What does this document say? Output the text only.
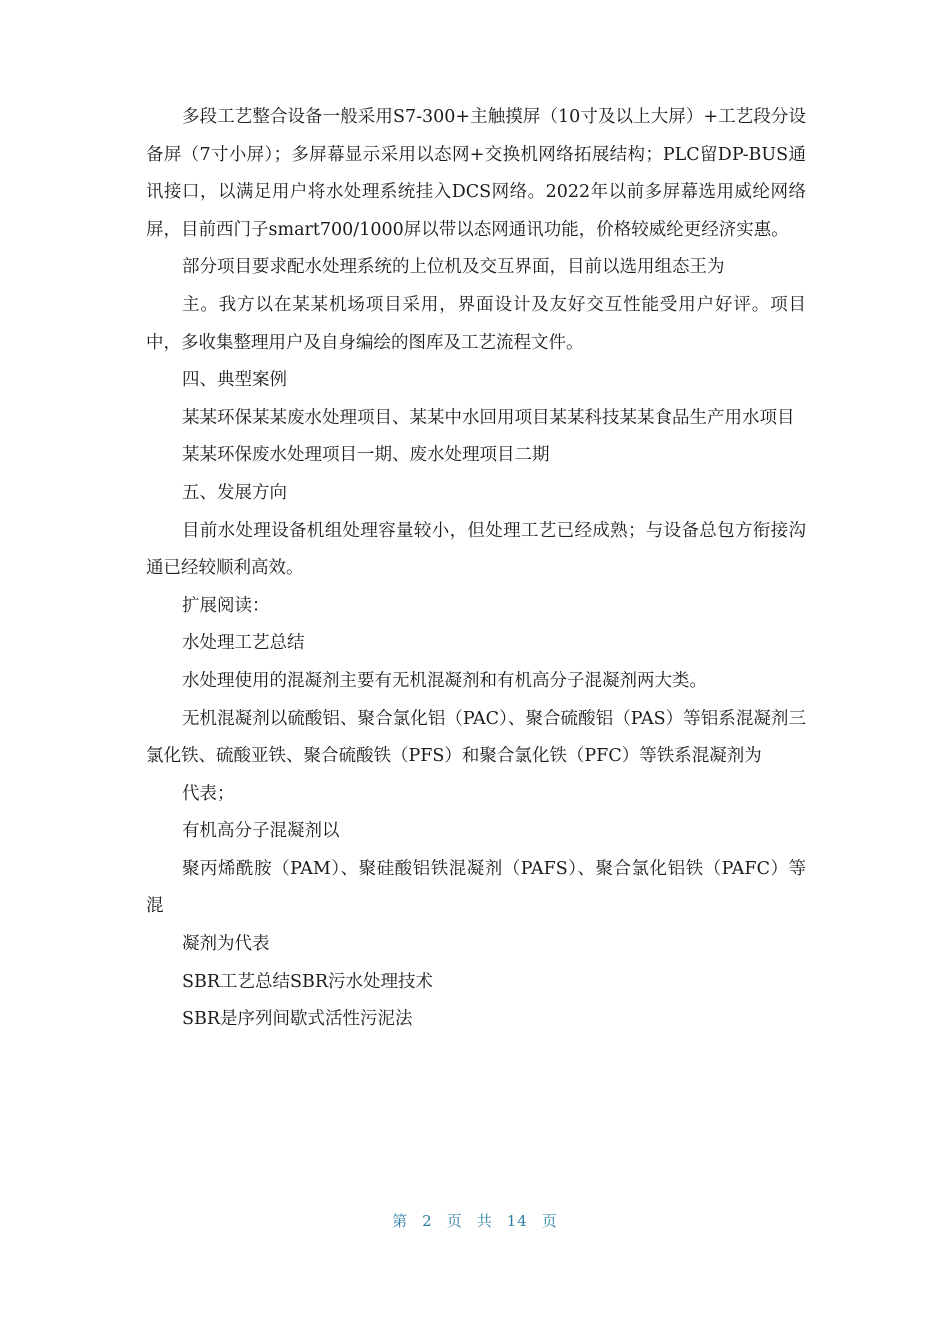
多段工艺整合设备一般采用S7-300+主触摸屏（10寸及以上大屏）+工艺段分设备屏（7寸小屏）；多屏幕显示采用以态网+交换机网络拓展结构；PLC留DP-BUS通讯接口，以满足用户将水处理系统挂入DCS网络。2022年以前多屏幕选用威纶网络屏，目前西门子smart700/1000屏以带以态网通讯功能，价格较威纶更经济实惠。

部分项目要求配水处理系统的上位机及交互界面，目前以选用组态王为

主。我方以在某某机场项目采用，界面设计及友好交互性能受用户好评。项目中，多收集整理用户及自身编绘的图库及工艺流程文件。

四、典型案例

某某环保某某废水处理项目、某某中水回用项目某某科技某某食品生产用水项目

某某环保废水处理项目一期、废水处理项目二期

五、发展方向

目前水处理设备机组处理容量较小，但处理工艺已经成熟；与设备总包方衔接沟通已经较顺利高效。

扩展阅读：

水处理工艺总结

水处理使用的混凝剂主要有无机混凝剂和有机高分子混凝剂两大类。

无机混凝剂以硫酸铝、聚合氯化铝（PAC）、聚合硫酸铝（PAS）等铝系混凝剂三氯化铁、硫酸亚铁、聚合硫酸铁（PFS）和聚合氯化铁（PFC）等铁系混凝剂为

代表；

有机高分子混凝剂以

聚丙烯酰胺（PAM）、聚硅酸铝铁混凝剂（PAFS）、聚合氯化铝铁（PAFC）等混

凝剂为代表

SBR工艺总结SBR污水处理技术

SBR是序列间歇式活性污泥法

第 2 页 共 14 页
